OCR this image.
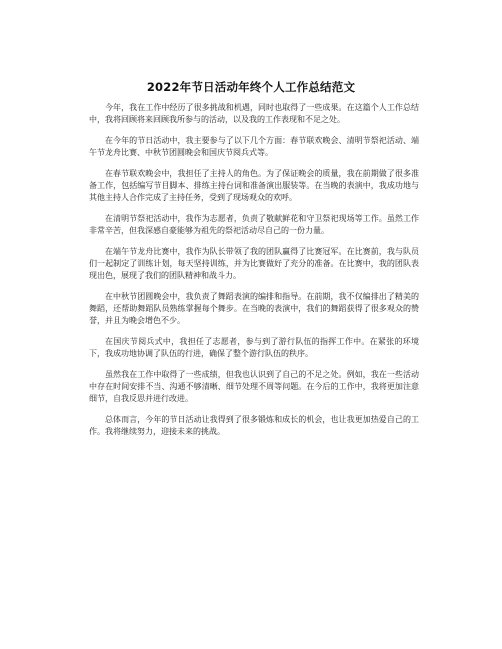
2022年节日活动年终个人工作总结范文

今年，我在工作中经历了很多挑战和机遇，同时也取得了一些成果。在这篇个人工作总结中，我将回顾将来回顾我所参与的活动，以及我的工作表现和不足之处。

在今年的节日活动中，我主要参与了以下几个方面：春节联欢晚会、清明节祭祀活动、端午节龙舟比赛、中秋节团圆晚会和国庆节阅兵式等。

在春节联欢晚会中，我担任了主持人的角色。为了保证晚会的质量，我在前期做了很多准备工作，包括编写节目脚本、排练主持台词和准备演出服装等。在当晚的表演中，我成功地与其他主持人合作完成了主持任务，受到了现场观众的欢呼。

在清明节祭祀活动中，我作为志愿者，负责了敬献鲜花和守卫祭祀现场等工作。虽然工作非常辛苦，但我深感自豪能够为祖先的祭祀活动尽自己的一份力量。

在端午节龙舟比赛中，我作为队长带领了我的团队赢得了比赛冠军。在比赛前，我与队员们一起制定了训练计划，每天坚持训练，并为比赛做好了充分的准备。在比赛中，我的团队表现出色，展现了我们的团队精神和战斗力。

在中秋节团圆晚会中，我负责了舞蹈表演的编排和指导。在前期，我不仅编排出了精美的舞蹈，还帮助舞蹈队员熟练掌握每个舞步。在当晚的表演中，我们的舞蹈获得了很多观众的赞誉，并且为晚会增色不少。

在国庆节阅兵式中，我担任了志愿者，参与到了游行队伍的指挥工作中。在紧张的环境下，我成功地协调了队伍的行进，确保了整个游行队伍的秩序。

虽然我在工作中取得了一些成绩，但我也认识到了自己的不足之处。例如，我在一些活动中存在时间安排不当、沟通不够清晰、细节处理不周等问题。在今后的工作中，我将更加注意细节，自我反思并进行改进。

总体而言，今年的节日活动让我得到了很多锻炼和成长的机会，也让我更加热爱自己的工作。我将继续努力，迎接未来的挑战。
